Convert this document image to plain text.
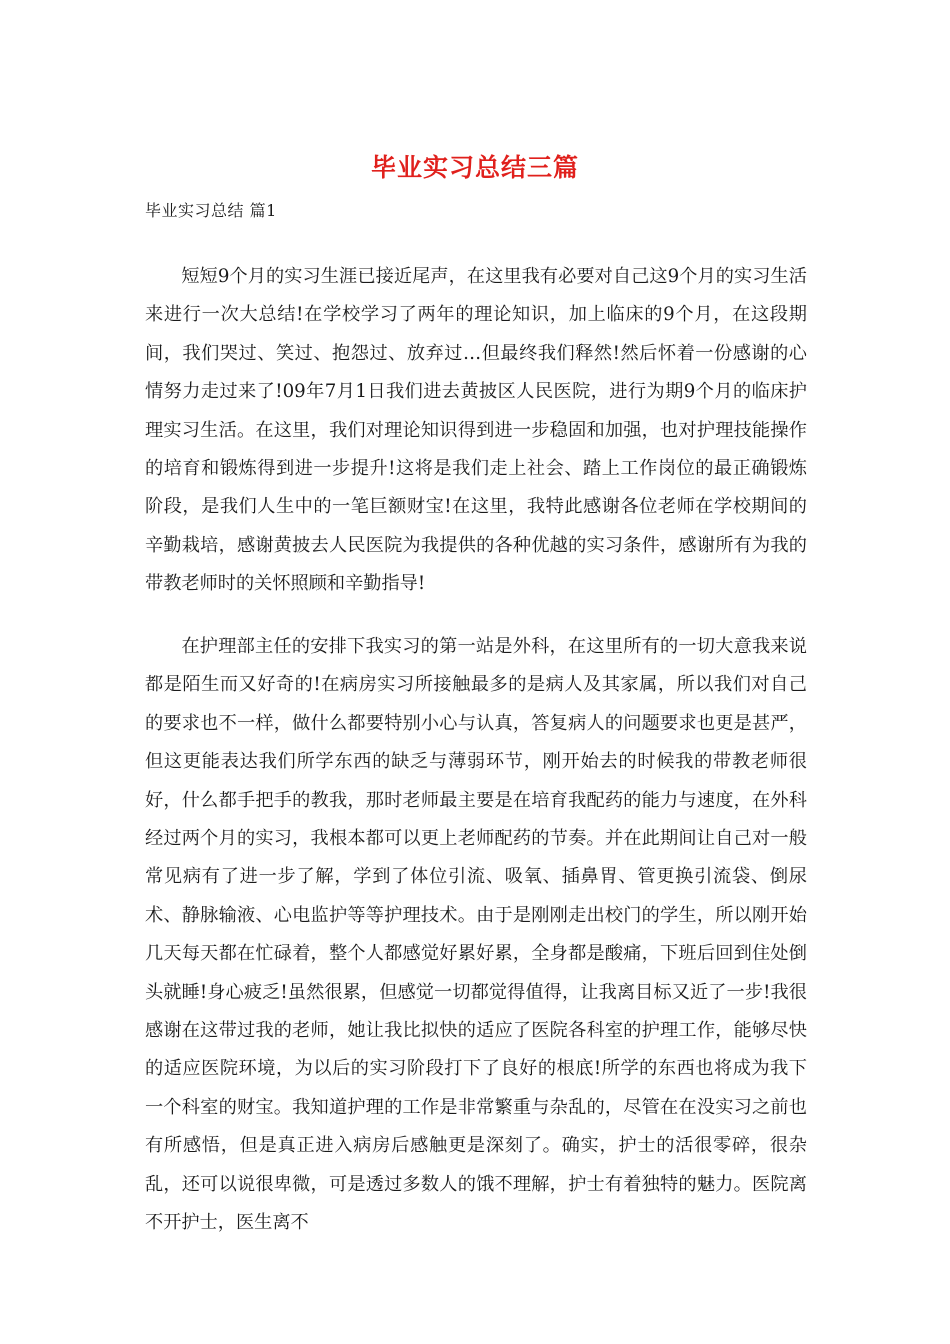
毕业实习总结三篇
毕业实习总结 篇1

短短9个月的实习生涯已接近尾声，在这里我有必要对自己这9个月的实习生活来进行一次大总结!在学校学习了两年的理论知识，加上临床的9个月，在这段期间，我们哭过、笑过、抱怨过、放弃过…但最终我们释然!然后怀着一份感谢的心情努力走过来了!09年7月1日我们进去黄披区人民医院，进行为期9个月的临床护理实习生活。在这里，我们对理论知识得到进一步稳固和加强，也对护理技能操作的培育和锻炼得到进一步提升!这将是我们走上社会、踏上工作岗位的最正确锻炼阶段，是我们人生中的一笔巨额财宝!在这里，我特此感谢各位老师在学校期间的辛勤栽培，感谢黄披去人民医院为我提供的各种优越的实习条件，感谢所有为我的带教老师时的关怀照顾和辛勤指导!

在护理部主任的安排下我实习的第一站是外科，在这里所有的一切大意我来说都是陌生而又好奇的!在病房实习所接触最多的是病人及其家属，所以我们对自己的要求也不一样，做什么都要特别小心与认真，答复病人的问题要求也更是甚严，但这更能表达我们所学东西的缺乏与薄弱环节，刚开始去的时候我的带教老师很好，什么都手把手的教我，那时老师最主要是在培育我配药的能力与速度，在外科经过两个月的实习，我根本都可以更上老师配药的节奏。并在此期间让自己对一般常见病有了进一步了解，学到了体位引流、吸氧、插鼻胃、管更换引流袋、倒尿术、静脉输液、心电监护等等护理技术。由于是刚刚走出校门的学生，所以刚开始几天每天都在忙碌着，整个人都感觉好累好累，全身都是酸痛，下班后回到住处倒头就睡!身心疲乏!虽然很累，但感觉一切都觉得值得，让我离目标又近了一步!我很感谢在这带过我的老师，她让我比拟快的适应了医院各科室的护理工作，能够尽快的适应医院环境，为以后的实习阶段打下了良好的根底!所学的东西也将成为我下一个科室的财宝。我知道护理的工作是非常繁重与杂乱的，尽管在在没实习之前也有所感悟，但是真正进入病房后感触更是深刻了。确实，护士的活很零碎，很杂乱，还可以说很卑微，可是透过多数人的饿不理解，护士有着独特的魅力。医院离不开护士，医生离不
